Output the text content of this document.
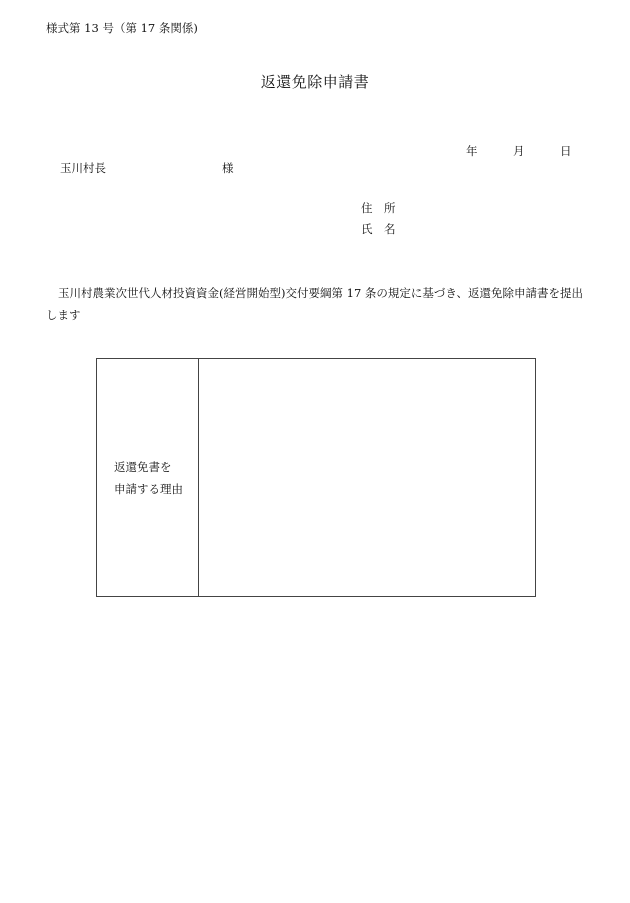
様式第 13 号（第 17 条関係)
返還免除申請書
年	月	日
玉川村長	様
住　所
氏　名
玉川村農業次世代人材投資資金(経営開始型)交付要綱第 17 条の規定に基づき、返還免除申請書を提出します
返還免書を
申請する理由
